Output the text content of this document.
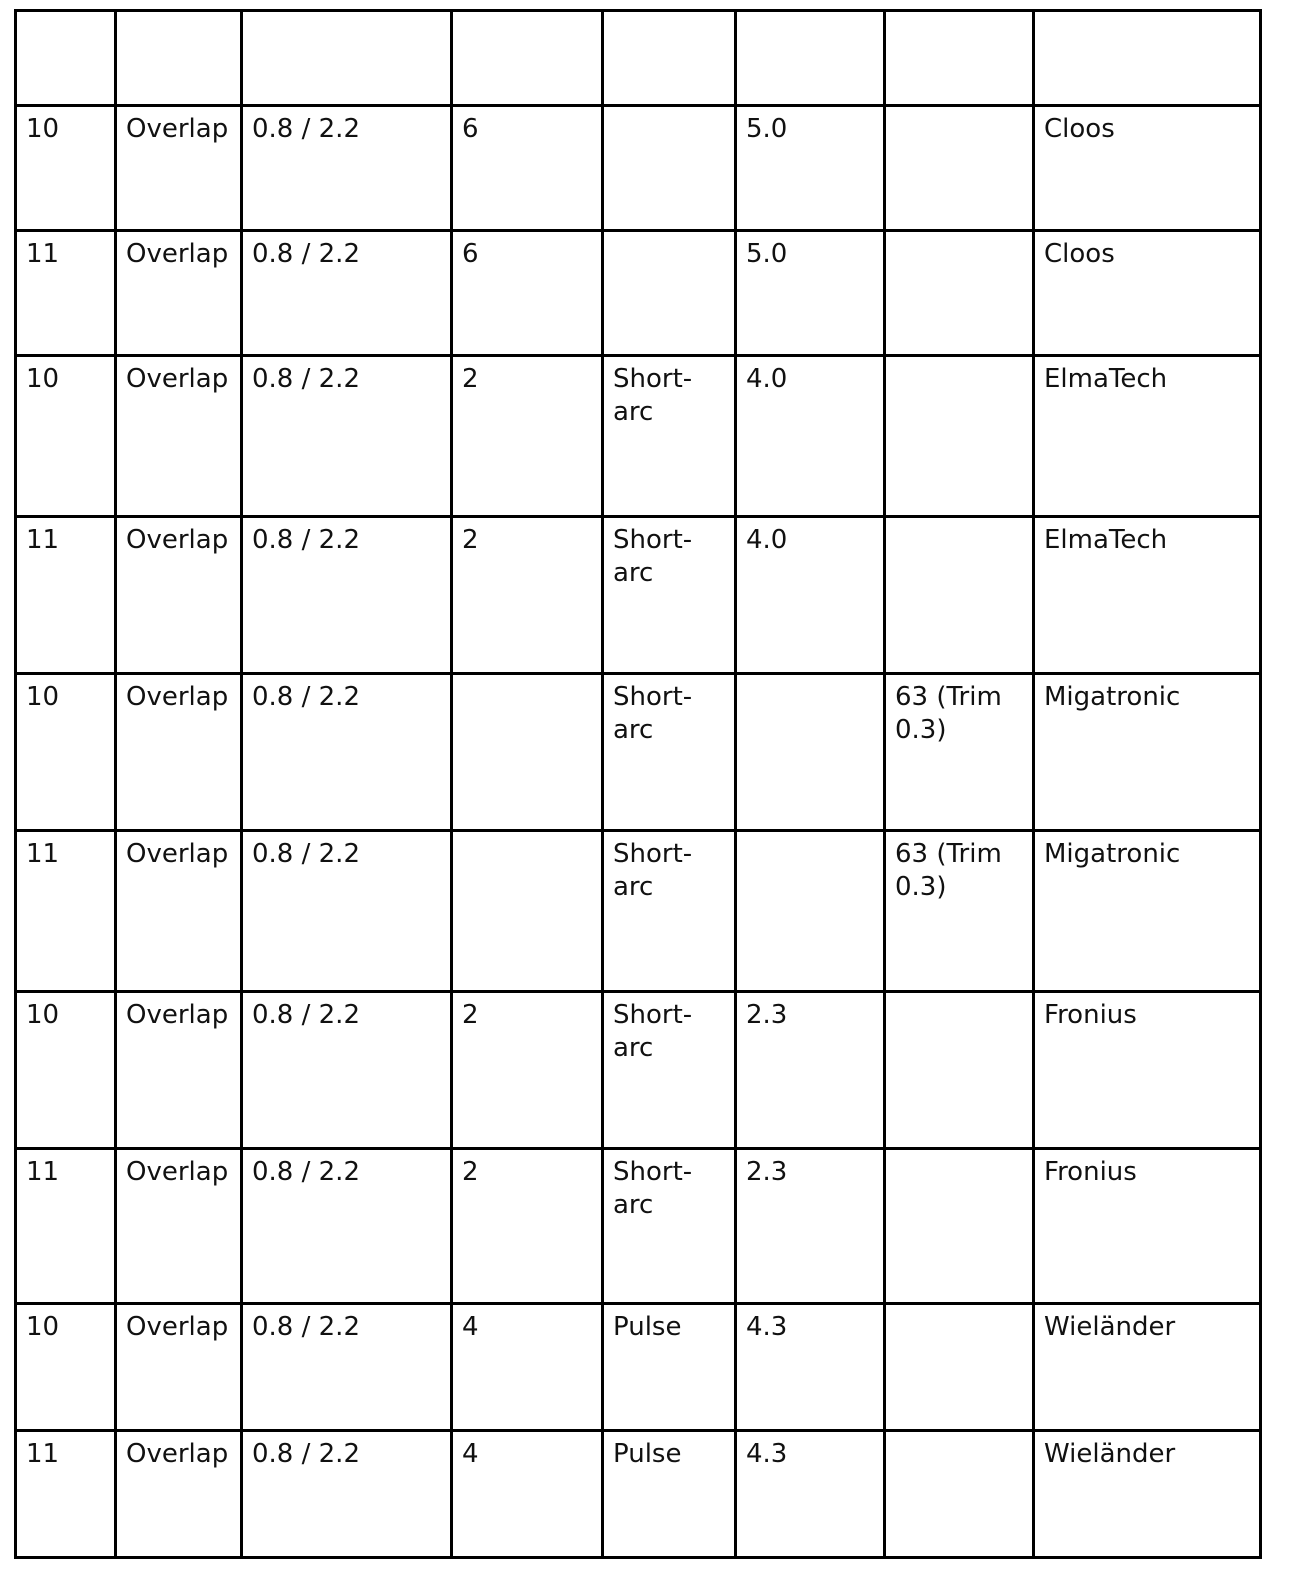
10	Overlap	0.8 / 2.2	6		5.0		Cloos
11	Overlap	0.8 / 2.2	6		5.0		Cloos
10	Overlap	0.8 / 2.2	2	Short-arc	4.0		ElmaTech
11	Overlap	0.8 / 2.2	2	Short-arc	4.0		ElmaTech
10	Overlap	0.8 / 2.2		Short-arc		63 (Trim 0.3)	Migatronic
11	Overlap	0.8 / 2.2		Short-arc		63 (Trim 0.3)	Migatronic
10	Overlap	0.8 / 2.2	2	Short-arc	2.3		Fronius
11	Overlap	0.8 / 2.2	2	Short-arc	2.3		Fronius
10	Overlap	0.8 / 2.2	4	Pulse	4.3		Wieländer
11	Overlap	0.8 / 2.2	4	Pulse	4.3		Wieländer
